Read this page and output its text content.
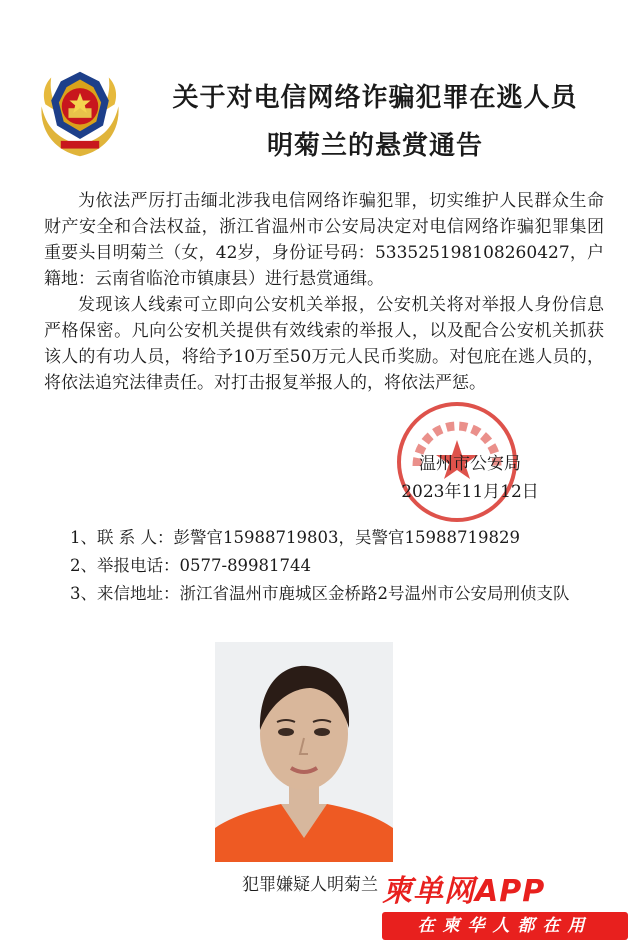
关于对电信网络诈骗犯罪在逃人员
明菊兰的悬赏通告

为依法严厉打击缅北涉我电信网络诈骗犯罪，切实维护人民群众生命财产安全和合法权益，浙江省温州市公安局决定对电信网络诈骗犯罪集团重要头目明菊兰（女，42岁，身份证号码：533525198108260427，户籍地：云南省临沧市镇康县）进行悬赏通缉。

发现该人线索可立即向公安机关举报，公安机关将对举报人身份信息严格保密。凡向公安机关提供有效线索的举报人，以及配合公安机关抓获该人的有功人员，将给予10万至50万元人民币奖励。对包庇在逃人员的，将依法追究法律责任。对打击报复举报人的，将依法严惩。

温州市公安局
2023年11月12日
1、联 系 人：彭警官15988719803，吴警官15988719829
2、举报电话：0577-89981744
3、来信地址：浙江省温州市鹿城区金桥路2号温州市公安局刑侦支队
犯罪嫌疑人明菊兰 柬单网APP
在柬华人都在用
